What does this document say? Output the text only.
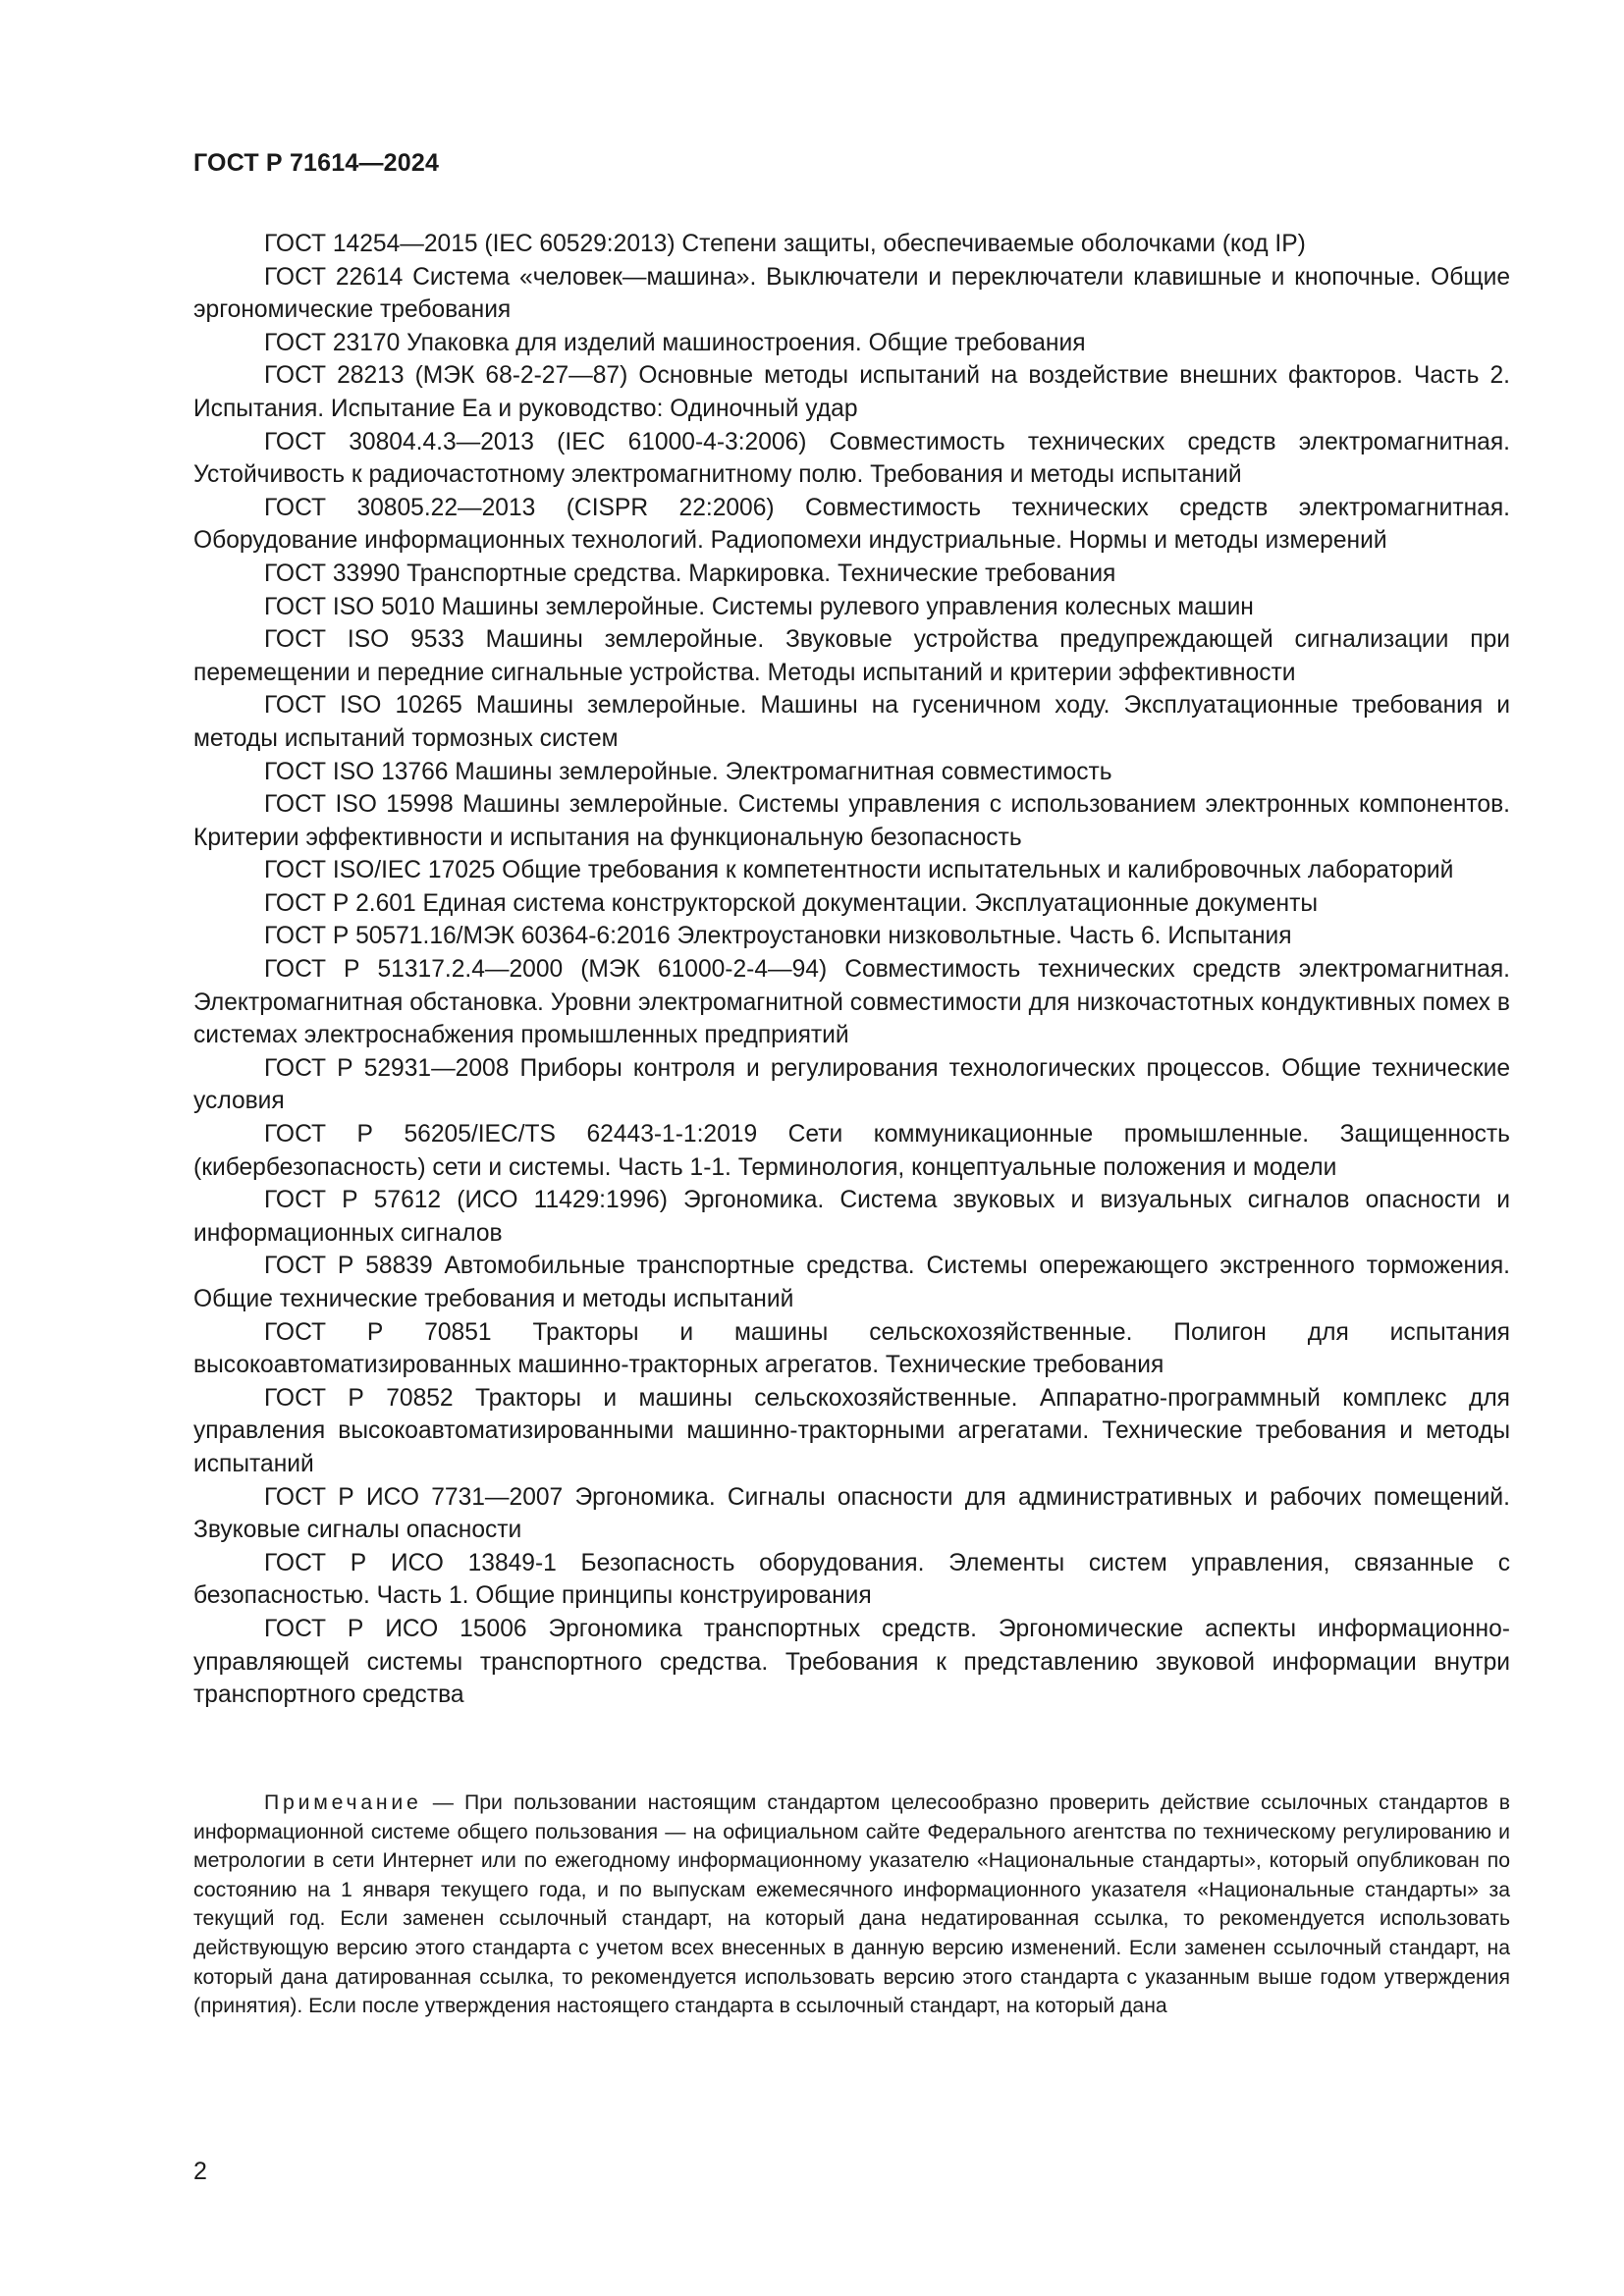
ГОСТ Р 71614—2024

ГОСТ 14254—2015 (IEC 60529:2013) Степени защиты, обеспечиваемые оболочками (код IP)

ГОСТ 22614 Система «человек—машина». Выключатели и переключатели клавишные и кнопочные. Общие эргономические требования

ГОСТ 23170 Упаковка для изделий машиностроения. Общие требования

ГОСТ 28213 (МЭК 68-2-27—87) Основные методы испытаний на воздействие внешних факторов. Часть 2. Испытания. Испытание Еа и руководство: Одиночный удар

ГОСТ 30804.4.3—2013 (IEC 61000-4-3:2006) Совместимость технических средств электромагнитная. Устойчивость к радиочастотному электромагнитному полю. Требования и методы испытаний

ГОСТ 30805.22—2013 (CISPR 22:2006) Совместимость технических средств электромагнитная. Оборудование информационных технологий. Радиопомехи индустриальные. Нормы и методы измерений

ГОСТ 33990 Транспортные средства. Маркировка. Технические требования

ГОСТ ISO 5010 Машины землеройные. Системы рулевого управления колесных машин

ГОСТ ISO 9533 Машины землеройные. Звуковые устройства предупреждающей сигнализации при перемещении и передние сигнальные устройства. Методы испытаний и критерии эффективности

ГОСТ ISO 10265 Машины землеройные. Машины на гусеничном ходу. Эксплуатационные требования и методы испытаний тормозных систем

ГОСТ ISO 13766 Машины землеройные. Электромагнитная совместимость

ГОСТ ISO 15998 Машины землеройные. Системы управления с использованием электронных компонентов. Критерии эффективности и испытания на функциональную безопасность

ГОСТ ISO/IEC 17025 Общие требования к компетентности испытательных и калибровочных лабораторий

ГОСТ Р 2.601 Единая система конструкторской документации. Эксплуатационные документы

ГОСТ Р 50571.16/МЭК 60364-6:2016 Электроустановки низковольтные. Часть 6. Испытания

ГОСТ Р 51317.2.4—2000 (МЭК 61000-2-4—94) Совместимость технических средств электромагнитная. Электромагнитная обстановка. Уровни электромагнитной совместимости для низкочастотных кондуктивных помех в системах электроснабжения промышленных предприятий

ГОСТ Р 52931—2008 Приборы контроля и регулирования технологических процессов. Общие технические условия

ГОСТ Р 56205/IEC/TS 62443-1-1:2019 Сети коммуникационные промышленные. Защищенность (кибербезопасность) сети и системы. Часть 1-1. Терминология, концептуальные положения и модели

ГОСТ Р 57612 (ИСО 11429:1996) Эргономика. Система звуковых и визуальных сигналов опасности и информационных сигналов

ГОСТ Р 58839 Автомобильные транспортные средства. Системы опережающего экстренного торможения. Общие технические требования и методы испытаний

ГОСТ Р 70851 Тракторы и машины сельскохозяйственные. Полигон для испытания высокоавтоматизированных машинно-тракторных агрегатов. Технические требования

ГОСТ Р 70852 Тракторы и машины сельскохозяйственные. Аппаратно-программный комплекс для управления высокоавтоматизированными машинно-тракторными агрегатами. Технические требования и методы испытаний

ГОСТ Р ИСО 7731—2007 Эргономика. Сигналы опасности для административных и рабочих помещений. Звуковые сигналы опасности

ГОСТ Р ИСО 13849-1 Безопасность оборудования. Элементы систем управления, связанные с безопасностью. Часть 1. Общие принципы конструирования

ГОСТ Р ИСО 15006 Эргономика транспортных средств. Эргономические аспекты информационно-управляющей системы транспортного средства. Требования к представлению звуковой информации внутри транспортного средства

Примечание — При пользовании настоящим стандартом целесообразно проверить действие ссылочных стандартов в информационной системе общего пользования — на официальном сайте Федерального агентства по техническому регулированию и метрологии в сети Интернет или по ежегодному информационному указателю «Национальные стандарты», который опубликован по состоянию на 1 января текущего года, и по выпускам ежемесячного информационного указателя «Национальные стандарты» за текущий год. Если заменен ссылочный стандарт, на который дана недатированная ссылка, то рекомендуется использовать действующую версию этого стандарта с учетом всех внесенных в данную версию изменений. Если заменен ссылочный стандарт, на который дана датированная ссылка, то рекомендуется использовать версию этого стандарта с указанным выше годом утверждения (принятия). Если после утверждения настоящего стандарта в ссылочный стандарт, на который дана

2
